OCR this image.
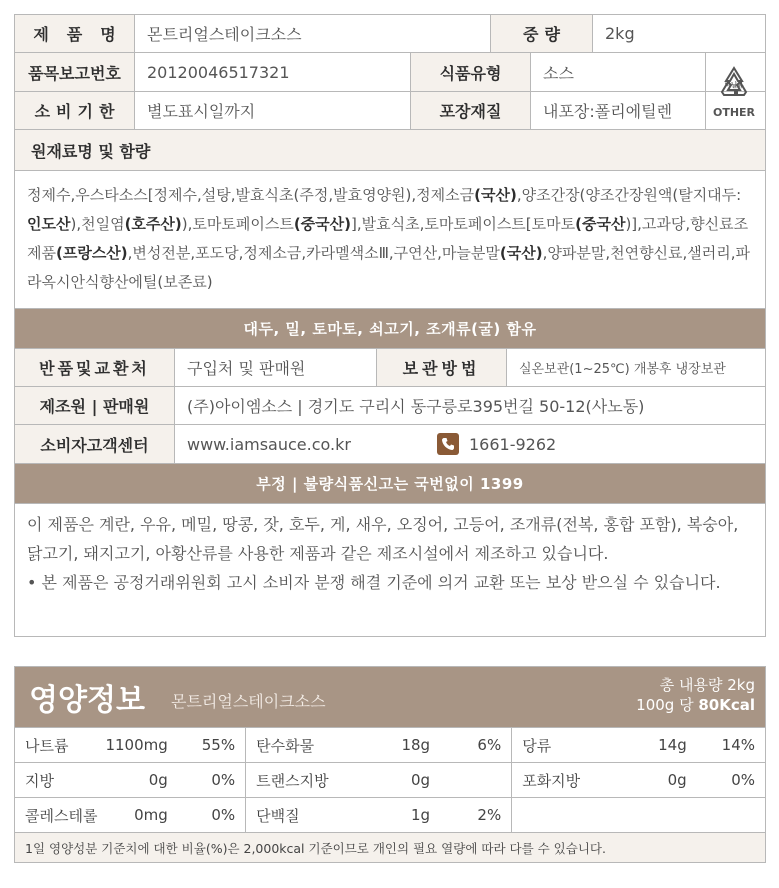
제품명 몬트리얼스테이크소스	중량	2kg
품목보고번호	20120046517321	식품유형	소스
소비기한	별도표시일까지	포장재질	내포장:폴리에틸렌
원재료명 및 함량
정제수,우스타소스[정제수,설탕,발효식초(주정,발효영양원),정제소금(국산),양조간장(양조간장원액(탈지대두:인도산),천일염(호주산)),토마토페이스트(중국산)],발효식초,토마토페이스트[토마토(중국산)],고과당,향신료조제품(프랑스산),변성전분,포도당,정제소금,카라멜색소Ⅲ,구연산,마늘분말(국산),양파분말,천연향신료,샐러리,파라옥시안식향산에틸(보존료)
대두, 밀, 토마토, 쇠고기, 조개류(굴) 함유
반품및교환처	구입처 및 판매원	보관방법	실온보관(1~25℃) 개봉후 냉장보관
제조원 | 판매원	(주)아이엠소스 | 경기도 구리시 동구릉로395번길 50-12(사노동)
소비자고객센터	www.iamsauce.co.kr	1661-9262
부정 | 불량식품신고는 국번없이 1399
이 제품은 계란, 우유, 메밀, 땅콩, 잣, 호두, 게, 새우, 오징어, 고등어, 조개류(전복, 홍합 포함), 복숭아, 닭고기, 돼지고기, 아황산류를 사용한 제품과 같은 제조시설에서 제조하고 있습니다.
• 본 제품은 공정거래위원회 고시 소비자 분쟁 해결 기준에 의거 교환 또는 보상 받으실 수 있습니다.
비닐류
OTHER
영양정보 몬트리얼스테이크소스
총 내용량 2kg
100g 당 80Kcal
나트륨	1100mg	55%	탄수화물	18g	6%	당류	14g	14%
지방	0g	0%	트랜스지방	0g	포화지방	0g	0%
콜레스테롤	0mg	0%	단백질	1g	2%
1일 영양성분 기준치에 대한 비율(%)은 2,000kcal 기준이므로 개인의 필요 열량에 따라 다를 수 있습니다.
